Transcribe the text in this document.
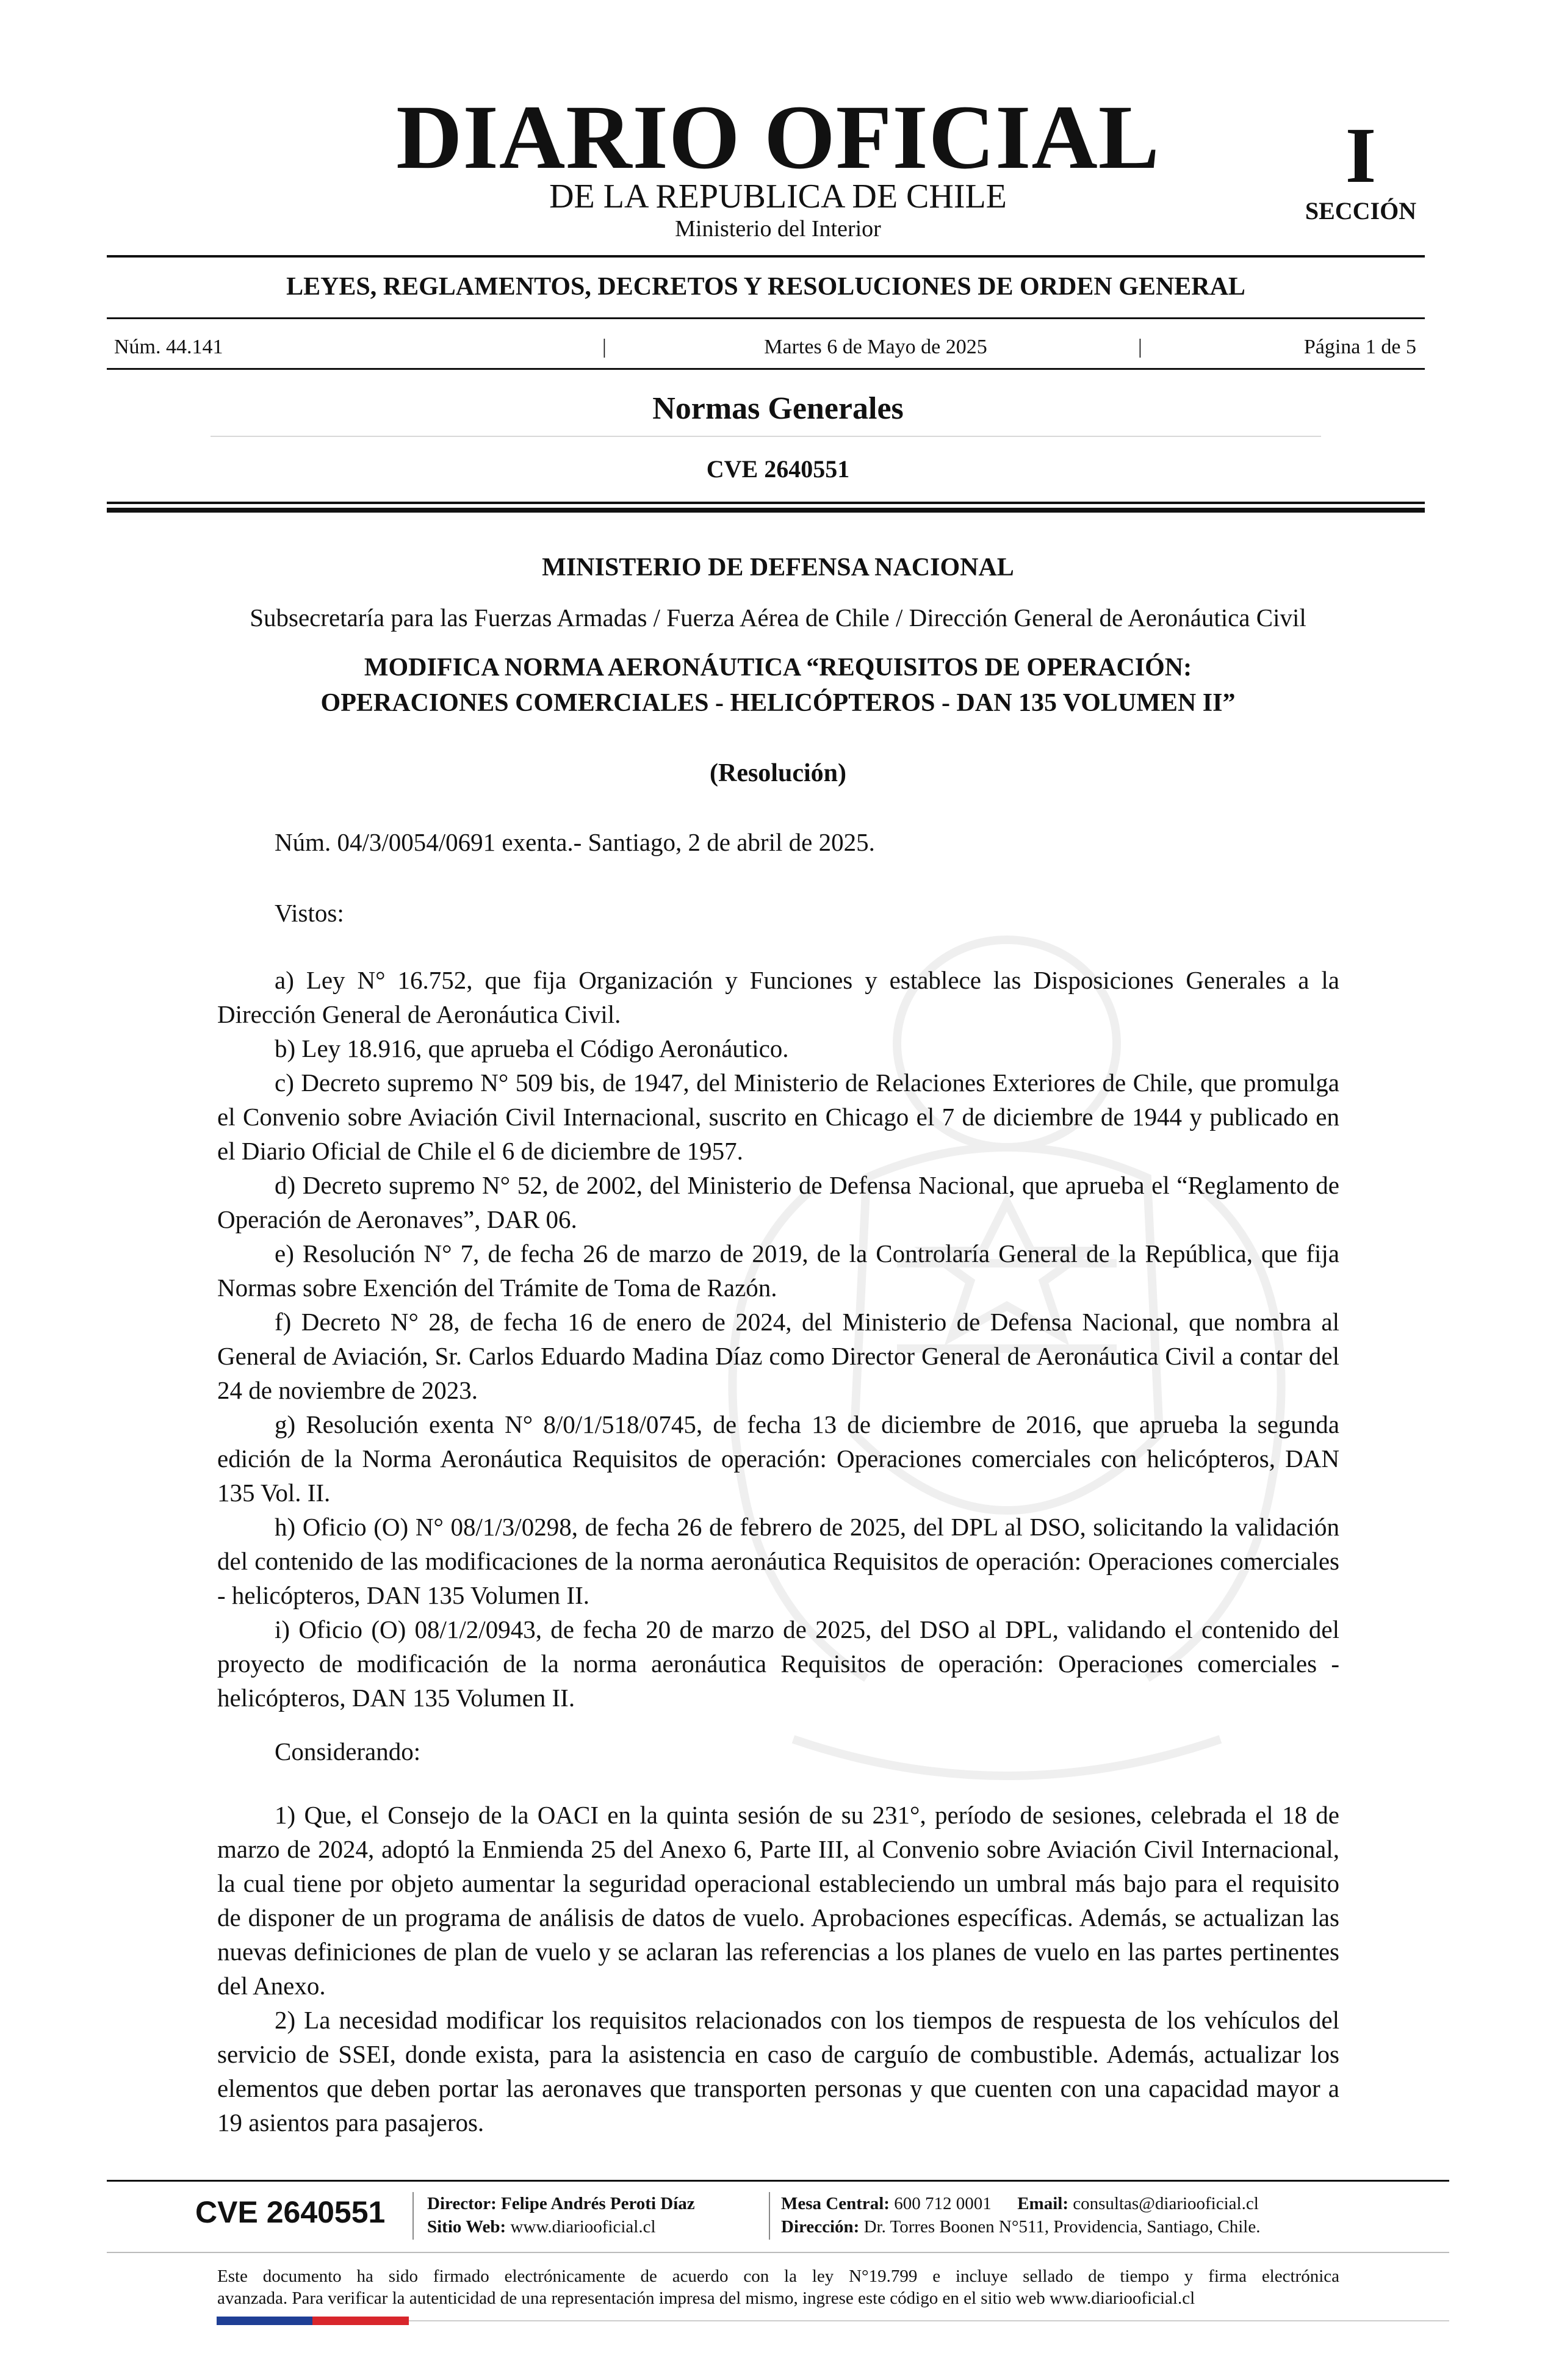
DIARIO OFICIAL
DE LA REPUBLICA DE CHILE
Ministerio del Interior
I
SECCIÓN
LEYES, REGLAMENTOS, DECRETOS Y RESOLUCIONES DE ORDEN GENERAL
Núm. 44.141	|	Martes 6 de Mayo de 2025	|	Página 1 de 5
Normas Generales
CVE 2640551
MINISTERIO DE DEFENSA NACIONAL
Subsecretaría para las Fuerzas Armadas / Fuerza Aérea de Chile / Dirección General de Aeronáutica Civil
MODIFICA NORMA AERONÁUTICA “REQUISITOS DE OPERACIÓN:
OPERACIONES COMERCIALES - HELICÓPTEROS - DAN 135 VOLUMEN II”
(Resolución)
Núm. 04/3/0054/0691 exenta.- Santiago, 2 de abril de 2025.
Vistos:
a) Ley N° 16.752, que fija Organización y Funciones y establece las Disposiciones Generales a la Dirección General de Aeronáutica Civil.
b) Ley 18.916, que aprueba el Código Aeronáutico.
c) Decreto supremo N° 509 bis, de 1947, del Ministerio de Relaciones Exteriores de Chile, que promulga el Convenio sobre Aviación Civil Internacional, suscrito en Chicago el 7 de diciembre de 1944 y publicado en el Diario Oficial de Chile el 6 de diciembre de 1957.
d) Decreto supremo N° 52, de 2002, del Ministerio de Defensa Nacional, que aprueba el “Reglamento de Operación de Aeronaves”, DAR 06.
e) Resolución N° 7, de fecha 26 de marzo de 2019, de la Controlaría General de la República, que fija Normas sobre Exención del Trámite de Toma de Razón.
f) Decreto N° 28, de fecha 16 de enero de 2024, del Ministerio de Defensa Nacional, que nombra al General de Aviación, Sr. Carlos Eduardo Madina Díaz como Director General de Aeronáutica Civil a contar del 24 de noviembre de 2023.
g) Resolución exenta N° 8/0/1/518/0745, de fecha 13 de diciembre de 2016, que aprueba la segunda edición de la Norma Aeronáutica Requisitos de operación: Operaciones comerciales con helicópteros, DAN 135 Vol. II.
h) Oficio (O) N° 08/1/3/0298, de fecha 26 de febrero de 2025, del DPL al DSO, solicitando la validación del contenido de las modificaciones de la norma aeronáutica Requisitos de operación: Operaciones comerciales - helicópteros, DAN 135 Volumen II.
i) Oficio (O) 08/1/2/0943, de fecha 20 de marzo de 2025, del DSO al DPL, validando el contenido del proyecto de modificación de la norma aeronáutica Requisitos de operación: Operaciones comerciales - helicópteros, DAN 135 Volumen II.
Considerando:
1) Que, el Consejo de la OACI en la quinta sesión de su 231°, período de sesiones, celebrada el 18 de marzo de 2024, adoptó la Enmienda 25 del Anexo 6, Parte III, al Convenio sobre Aviación Civil Internacional, la cual tiene por objeto aumentar la seguridad operacional estableciendo un umbral más bajo para el requisito de disponer de un programa de análisis de datos de vuelo. Aprobaciones específicas. Además, se actualizan las nuevas definiciones de plan de vuelo y se aclaran las referencias a los planes de vuelo en las partes pertinentes del Anexo.
2) La necesidad modificar los requisitos relacionados con los tiempos de respuesta de los vehículos del servicio de SSEI, donde exista, para la asistencia en caso de carguío de combustible. Además, actualizar los elementos que deben portar las aeronaves que transporten personas y que cuenten con una capacidad mayor a 19 asientos para pasajeros.
CVE 2640551	Director: Felipe Andrés Peroti Díaz
Sitio Web: www.diariooficial.cl
Mesa Central: 600 712 0001 Email: consultas@diariooficial.cl
Dirección: Dr. Torres Boonen N°511, Providencia, Santiago, Chile.
Este documento ha sido firmado electrónicamente de acuerdo con la ley N°19.799 e incluye sellado de tiempo y firma electrónica
avanzada. Para verificar la autenticidad de una representación impresa del mismo, ingrese este código en el sitio web www.diariooficial.cl
